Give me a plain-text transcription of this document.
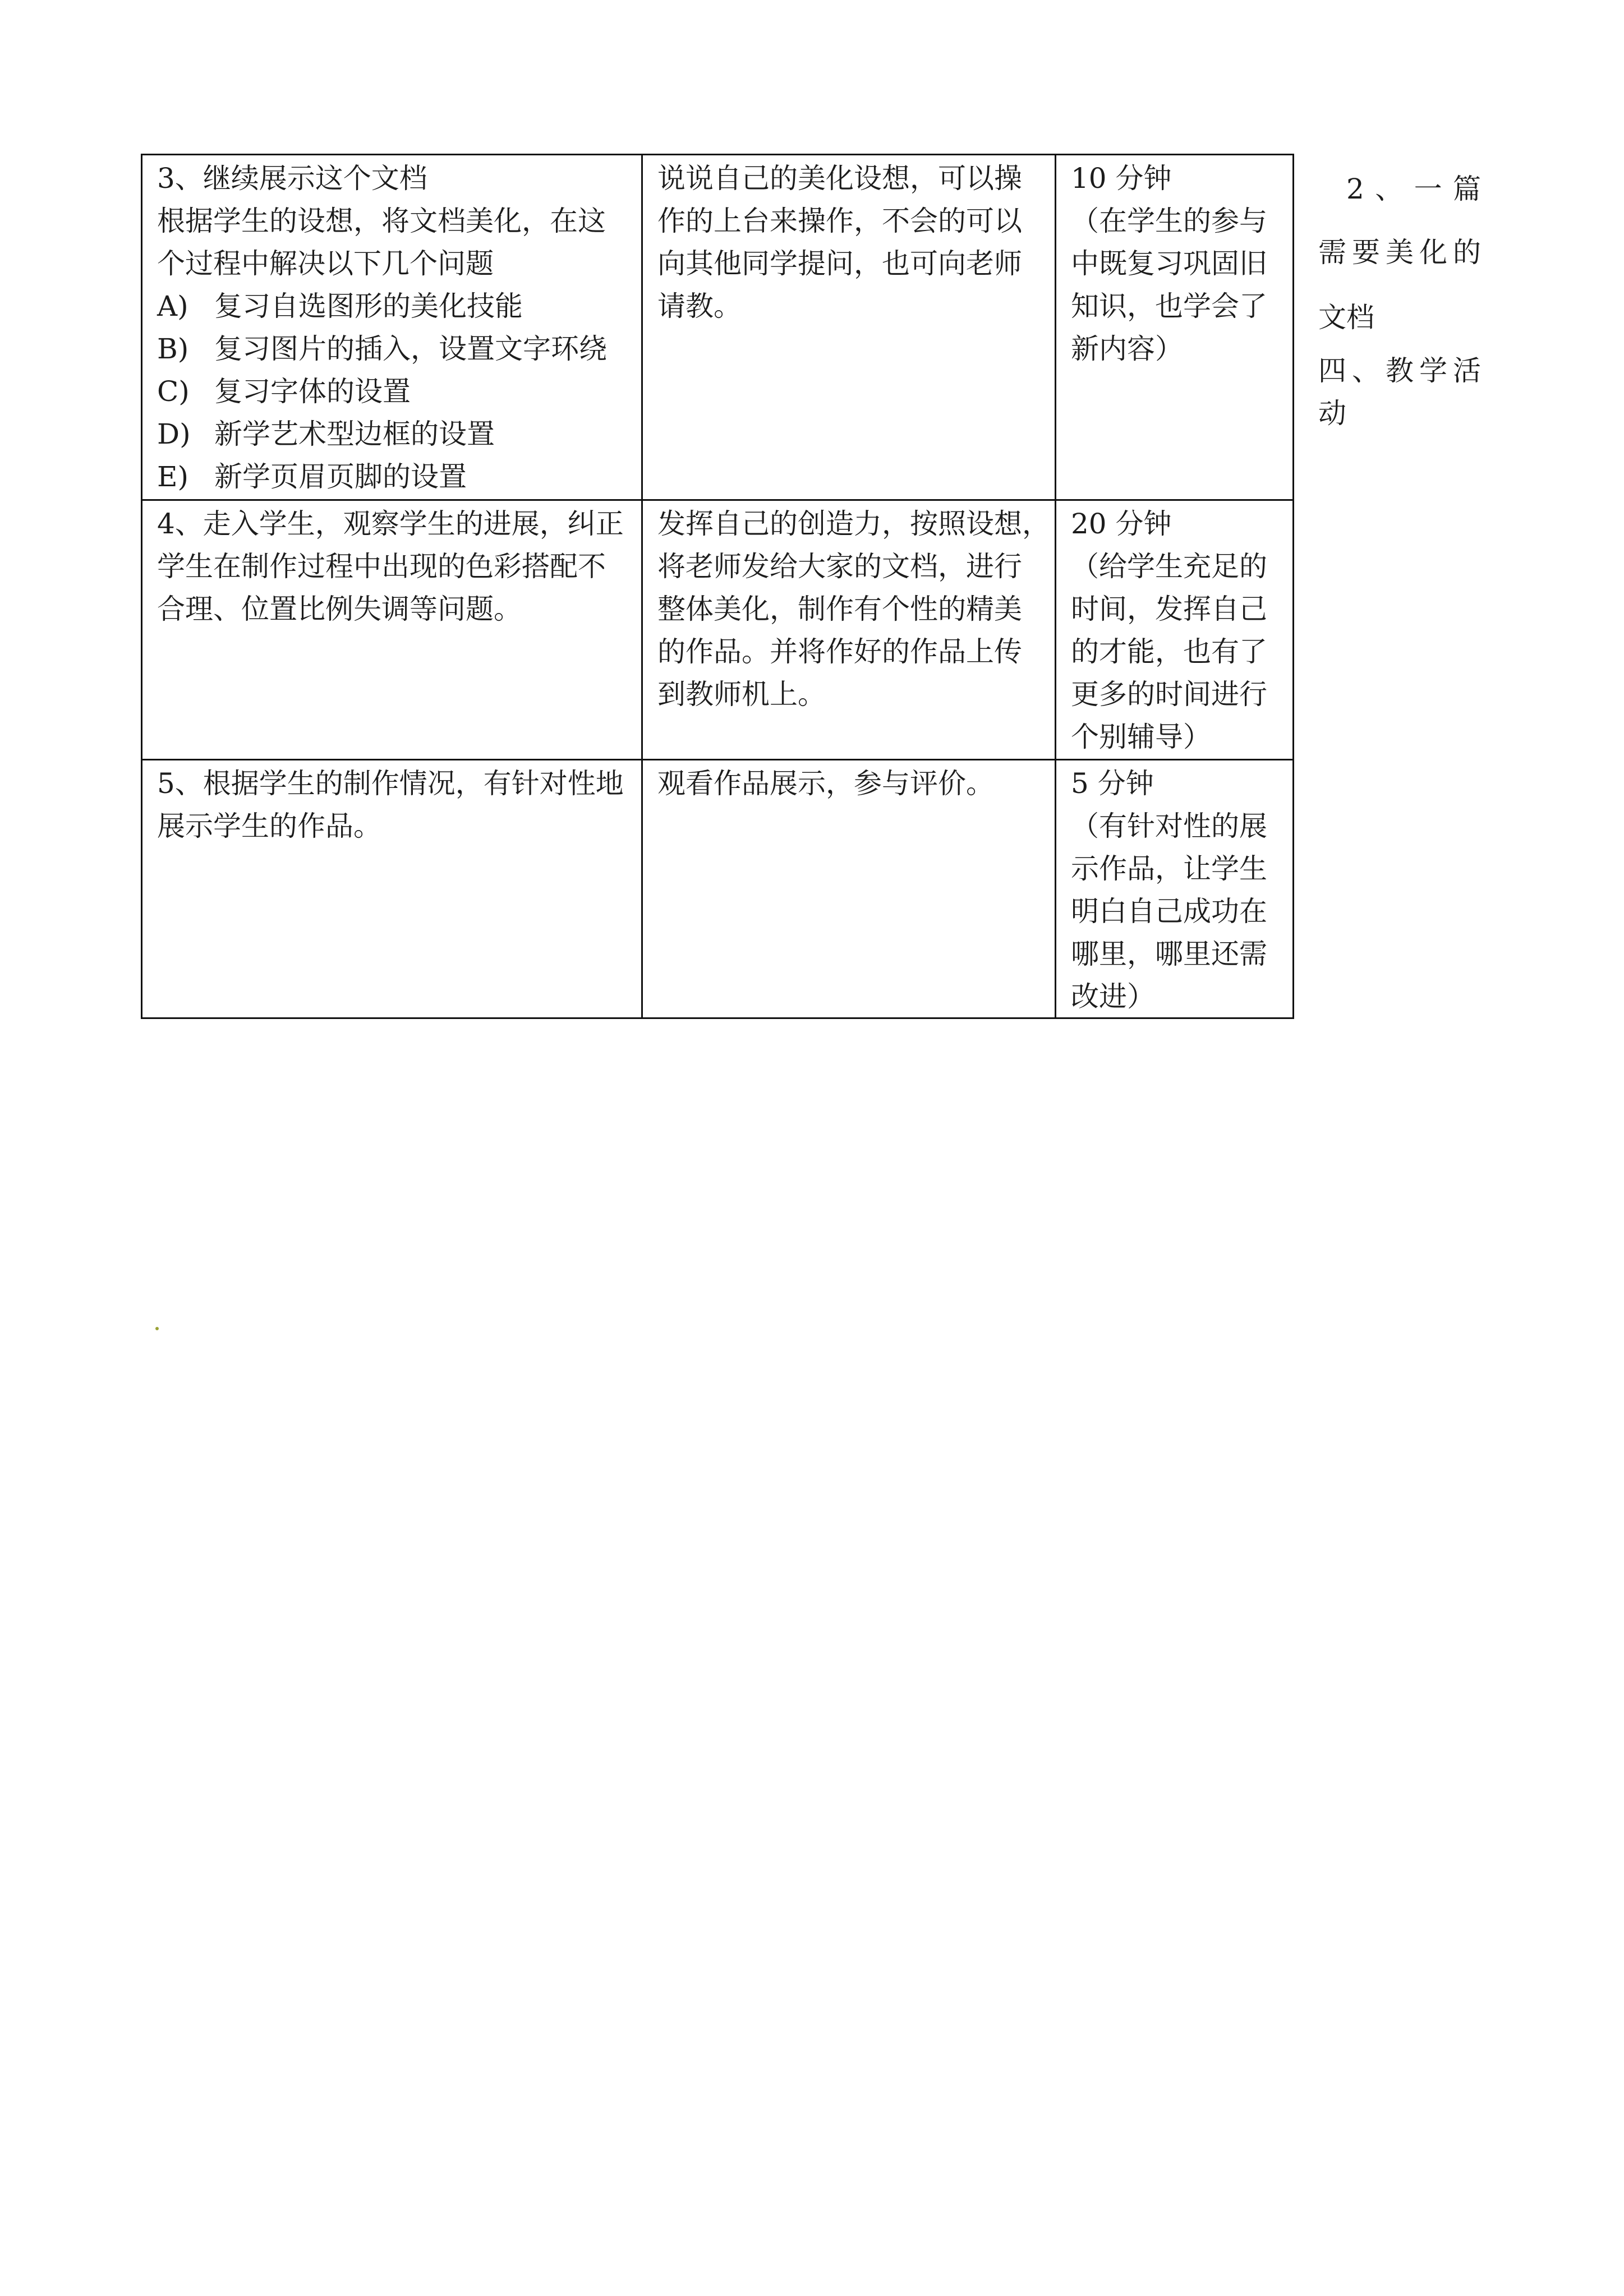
3、继续展示这个文档
根据学生的设想，将文档美化，在这
个过程中解决以下几个问题
A) 复习自选图形的美化技能
B) 复习图片的插入，设置文字环绕
C) 复习字体的设置
D) 新学艺术型边框的设置
E) 新学页眉页脚的设置
说说自己的美化设想，可以操
作的上台来操作，不会的可以
向其他同学提问，也可向老师
请教。
10 分钟
（在学生的参与
中既复习巩固旧
知识，也学会了
新内容）
4、走入学生，观察学生的进展，纠正
学生在制作过程中出现的色彩搭配不
合理、位置比例失调等问题。
发挥自己的创造力，按照设想，
将老师发给大家的文档，进行
整体美化，制作有个性的精美
的作品。并将作好的作品上传
到教师机上。
20 分钟
（给学生充足的
时间，发挥自己
的才能，也有了
更多的时间进行
个别辅导）
5、根据学生的制作情况，有针对性地
展示学生的作品。
观看作品展示，参与评价。	5 分钟
（有针对性的展
示作品，让学生
明白自己成功在
哪里，哪里还需
改进）
2、一篇
需要美化的
文档
四、教学活
动
